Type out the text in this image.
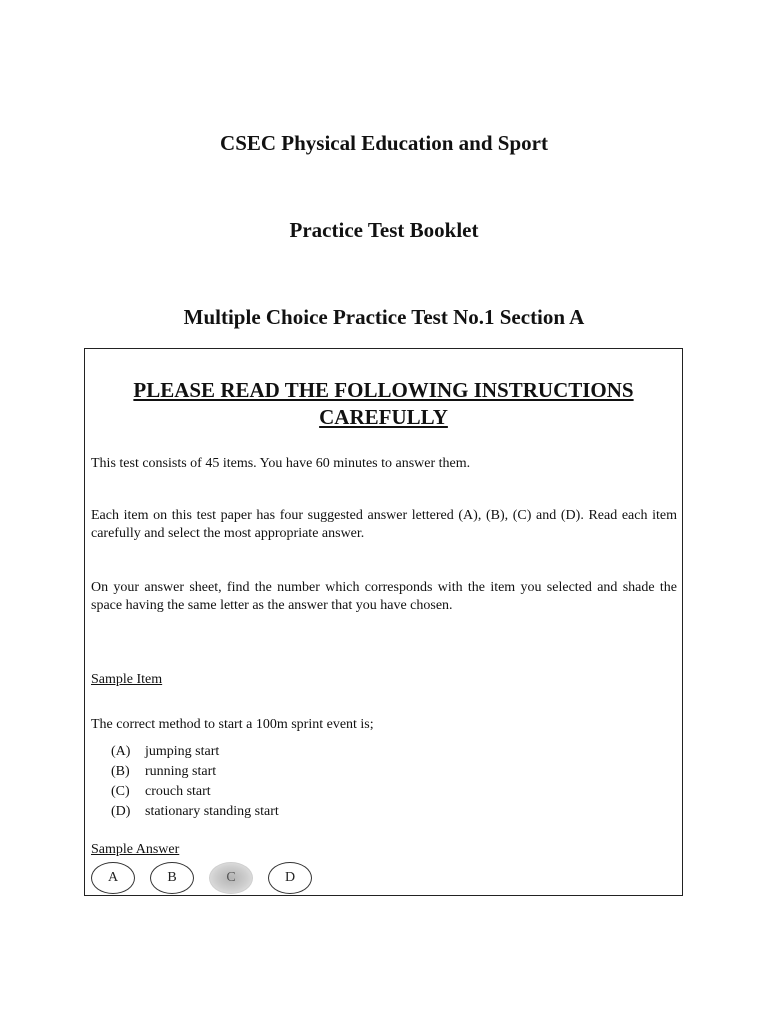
CSEC Physical Education and Sport
Practice Test Booklet
Multiple Choice Practice Test No.1 Section A
PLEASE READ THE FOLLOWING INSTRUCTIONS CAREFULLY

This test consists of 45 items. You have 60 minutes to answer them.

Each item on this test paper has four suggested answer lettered (A), (B), (C) and (D). Read each item carefully and select the most appropriate answer.

On your answer sheet, find the number which corresponds with the item you selected and shade the space having the same letter as the answer that you have chosen.

Sample Item

The correct method to start a 100m sprint event is;

(A)	jumping start
(B)	running start
(C)	crouch start
(D)	stationary standing start

Sample Answer

A	B	C	D
